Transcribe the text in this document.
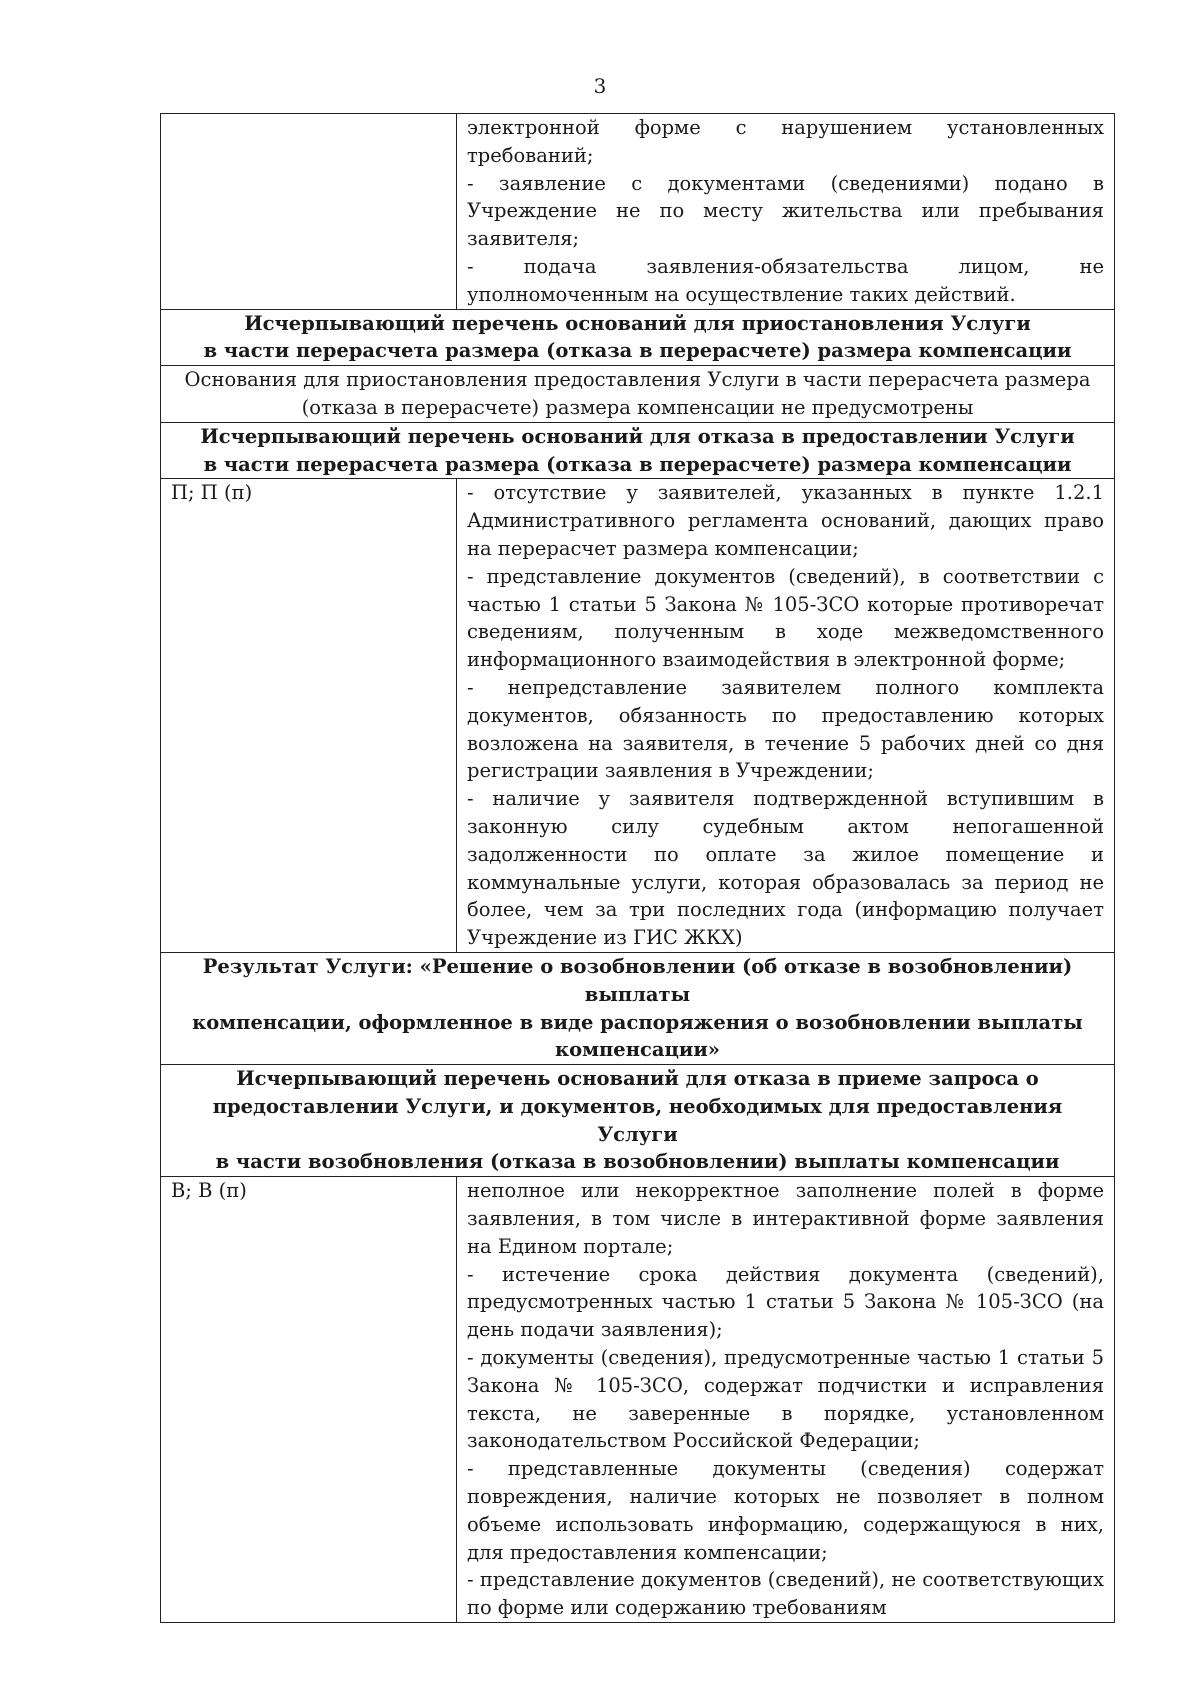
3

	электронной форме с нарушением установленных требований;
- заявление с документами (сведениями) подано в Учреждение не по месту жительства или пребывания заявителя;
- подача заявления-обязательства лицом, не уполномоченным на осуществление таких действий.

Исчерпывающий перечень оснований для приостановления Услуги
в части перерасчета размера (отказа в перерасчете) размера компенсации	

Основания для приостановления предоставления Услуги в части перерасчета размера
(отказа в перерасчете) размера компенсации не предусмотрены	

Исчерпывающий перечень оснований для отказа в предоставлении Услуги
в части перерасчета размера (отказа в перерасчете) размера компенсации	

П; П (п)	- отсутствие у заявителей, указанных в пункте 1.2.1 Административного регламента оснований, дающих право на перерасчет размера компенсации;
- представление документов (сведений), в соответствии с частью 1 статьи 5 Закона № 105-ЗСО которые противоречат сведениям, полученным в ходе межведомственного информационного взаимодействия в электронной форме;
- непредставление заявителем полного комплекта документов, обязанность по предоставлению которых возложена на заявителя, в течение 5 рабочих дней со дня регистрации заявления в Учреждении;
- наличие у заявителя подтвержденной вступившим в законную силу судебным актом непогашенной задолженности по оплате за жилое помещение и коммунальные услуги, которая образовалась за период не более, чем за три последних года (информацию получает Учреждение из ГИС ЖКХ)

Результат Услуги: «Решение о возобновлении (об отказе в возобновлении) выплаты
компенсации, оформленное в виде распоряжения о возобновлении выплаты
компенсации»	

Исчерпывающий перечень оснований для отказа в приеме запроса о
предоставлении Услуги, и документов, необходимых для предоставления Услуги
в части возобновления (отказа в возобновлении) выплаты компенсации	

В; В (п)	неполное или некорректное заполнение полей в форме заявления, в том числе в интерактивной форме заявления на Едином портале;
- истечение срока действия документа (сведений), предусмотренных частью 1 статьи 5 Закона № 105-ЗСО (на день подачи заявления);
- документы (сведения), предусмотренные частью 1 статьи 5 Закона № 105-ЗСО, содержат подчистки и исправления текста, не заверенные в порядке, установленном законодательством Российской Федерации;
- представленные документы (сведения) содержат повреждения, наличие которых не позволяет в полном объеме использовать информацию, содержащуюся в них, для предоставления компенсации;
- представление документов (сведений), не соответствующих по форме или содержанию требованиям
